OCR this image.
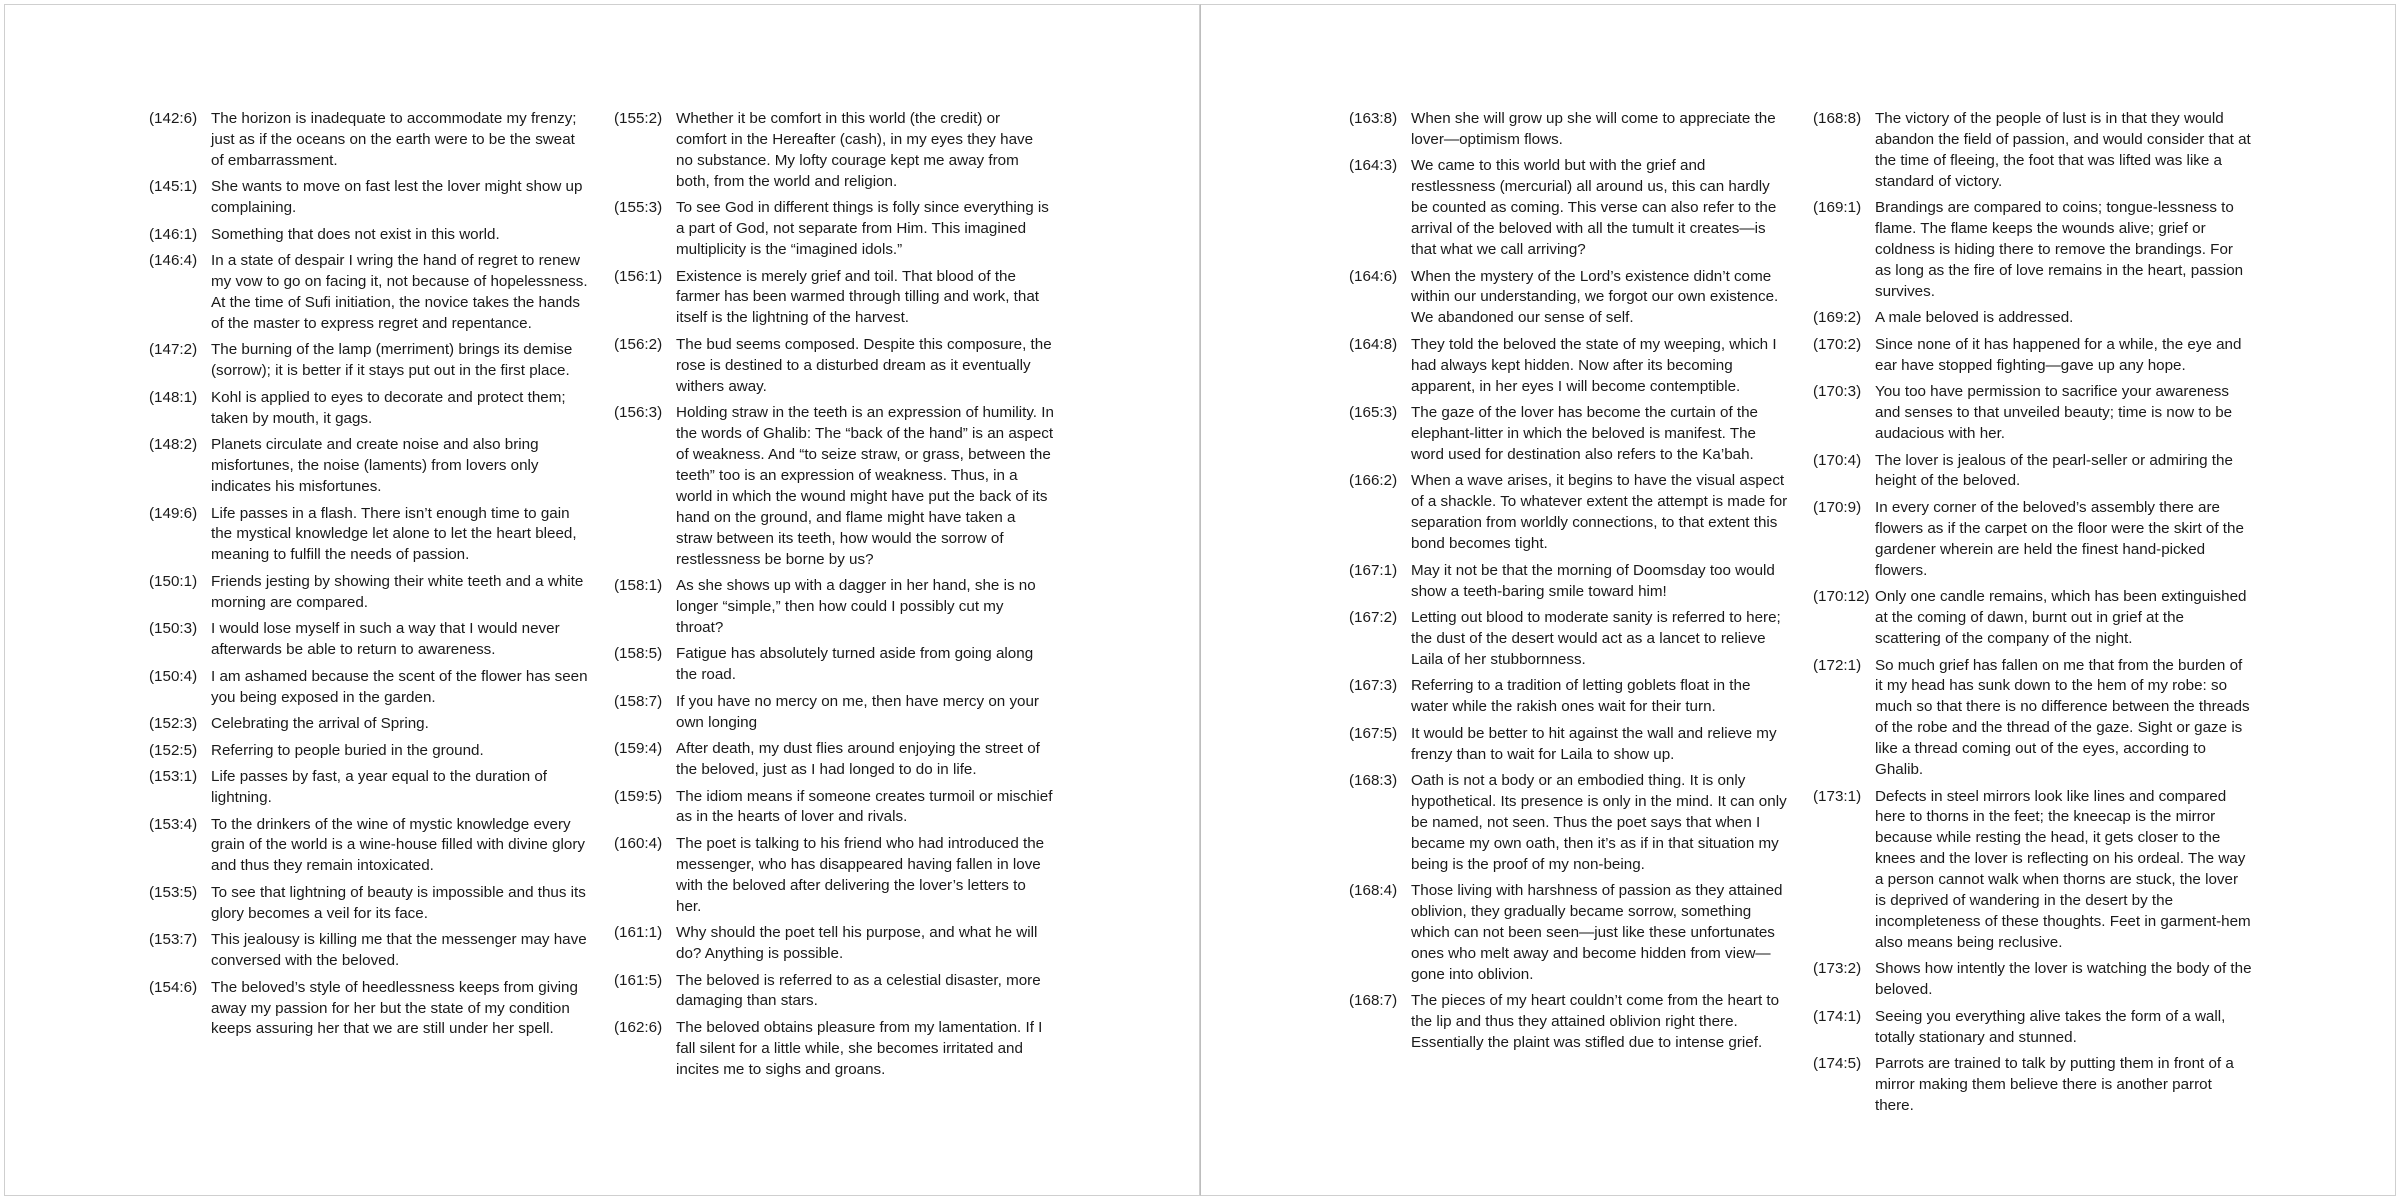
(142:6) The horizon is inadequate to accommodate my frenzy; just as if the oceans on the earth were to be the sweat of embarrassment.
(145:1) She wants to move on fast lest the lover might show up complaining.
(146:1) Something that does not exist in this world.
(146:4) In a state of despair I wring the hand of regret to renew my vow to go on facing it, not because of hopelessness. At the time of Sufi initiation, the novice takes the hands of the master to express regret and repentance.
(147:2) The burning of the lamp (merriment) brings its demise (sorrow); it is better if it stays put out in the first place.
(148:1) Kohl is applied to eyes to decorate and protect them; taken by mouth, it gags.
(148:2) Planets circulate and create noise and also bring misfortunes, the noise (laments) from lovers only indicates his misfortunes.
(149:6) Life passes in a flash. There isn’t enough time to gain the mystical knowledge let alone to let the heart bleed, meaning to fulfill the needs of passion.
(150:1) Friends jesting by showing their white teeth and a white morning are compared.
(150:3) I would lose myself in such a way that I would never afterwards be able to return to awareness.
(150:4) I am ashamed because the scent of the flower has seen you being exposed in the garden.
(152:3) Celebrating the arrival of Spring.
(152:5) Referring to people buried in the ground.
(153:1) Life passes by fast, a year equal to the duration of lightning.
(153:4) To the drinkers of the wine of mystic knowledge every grain of the world is a wine-house filled with divine glory and thus they remain intoxicated.
(153:5) To see that lightning of beauty is impossible and thus its glory becomes a veil for its face.
(153:7) This jealousy is killing me that the messenger may have conversed with the beloved.
(154:6) The beloved’s style of heedlessness keeps from giving away my passion for her but the state of my condition keeps assuring her that we are still under her spell.
(155:2) Whether it be comfort in this world (the credit) or comfort in the Hereafter (cash), in my eyes they have no substance. My lofty courage kept me away from both, from the world and religion.
(155:3) To see God in different things is folly since everything is a part of God, not separate from Him. This imagined multiplicity is the “imagined idols.”
(156:1) Existence is merely grief and toil. That blood of the farmer has been warmed through tilling and work, that itself is the lightning of the harvest.
(156:2) The bud seems composed. Despite this composure, the rose is destined to a disturbed dream as it eventually withers away.
(156:3) Holding straw in the teeth is an expression of humility. In the words of Ghalib: The “back of the hand” is an aspect of weakness. And “to seize straw, or grass, between the teeth” too is an expression of weakness. Thus, in a world in which the wound might have put the back of its hand on the ground, and flame might have taken a straw between its teeth, how would the sorrow of restlessness be borne by us?
(158:1) As she shows up with a dagger in her hand, she is no longer “simple,” then how could I possibly cut my throat?
(158:5) Fatigue has absolutely turned aside from going along the road.
(158:7) If you have no mercy on me, then have mercy on your own longing
(159:4) After death, my dust flies around enjoying the street of the beloved, just as I had longed to do in life.
(159:5) The idiom means if someone creates turmoil or mischief as in the hearts of lover and rivals.
(160:4) The poet is talking to his friend who had introduced the messenger, who has disappeared having fallen in love with the beloved after delivering the lover’s letters to her.
(161:1) Why should the poet tell his purpose, and what he will do? Anything is possible.
(161:5) The beloved is referred to as a celestial disaster, more damaging than stars.
(162:6) The beloved obtains pleasure from my lamentation. If I fall silent for a little while, she becomes irritated and incites me to sighs and groans.
(163:8) When she will grow up she will come to appreciate the lover—optimism flows.
(164:3) We came to this world but with the grief and restlessness (mercurial) all around us, this can hardly be counted as coming. This verse can also refer to the arrival of the beloved with all the tumult it creates—is that what we call arriving?
(164:6) When the mystery of the Lord’s existence didn’t come within our understanding, we forgot our own existence. We abandoned our sense of self.
(164:8) They told the beloved the state of my weeping, which I had always kept hidden. Now after its becoming apparent, in her eyes I will become contemptible.
(165:3) The gaze of the lover has become the curtain of the elephant-litter in which the beloved is manifest. The word used for destination also refers to the Ka’bah.
(166:2) When a wave arises, it begins to have the visual aspect of a shackle. To whatever extent the attempt is made for separation from worldly connections, to that extent this bond becomes tight.
(167:1) May it not be that the morning of Doomsday too would show a teeth-baring smile toward him!
(167:2) Letting out blood to moderate sanity is referred to here; the dust of the desert would act as a lancet to relieve Laila of her stubbornness.
(167:3) Referring to a tradition of letting goblets float in the water while the rakish ones wait for their turn.
(167:5) It would be better to hit against the wall and relieve my frenzy than to wait for Laila to show up.
(168:3) Oath is not a body or an embodied thing. It is only hypothetical. Its presence is only in the mind. It can only be named, not seen. Thus the poet says that when I became my own oath, then it’s as if in that situation my being is the proof of my non-being.
(168:4) Those living with harshness of passion as they attained oblivion, they gradually became sorrow, something which can not been seen—just like these unfortunates ones who melt away and become hidden from view—gone into oblivion.
(168:7) The pieces of my heart couldn’t come from the heart to the lip and thus they attained oblivion right there. Essentially the plaint was stifled due to intense grief.
(168:8) The victory of the people of lust is in that they would abandon the field of passion, and would consider that at the time of fleeing, the foot that was lifted was like a standard of victory.
(169:1) Brandings are compared to coins; tongue-lessness to flame. The flame keeps the wounds alive; grief or coldness is hiding there to remove the brandings. For as long as the fire of love remains in the heart, passion survives.
(169:2) A male beloved is addressed.
(170:2) Since none of it has happened for a while, the eye and ear have stopped fighting—gave up any hope.
(170:3) You too have permission to sacrifice your awareness and senses to that unveiled beauty; time is now to be audacious with her.
(170:4) The lover is jealous of the pearl-seller or admiring the height of the beloved.
(170:9) In every corner of the beloved’s assembly there are flowers as if the carpet on the floor were the skirt of the gardener wherein are held the finest hand-picked flowers.
(170:12) Only one candle remains, which has been extinguished at the coming of dawn, burnt out in grief at the scattering of the company of the night.
(172:1) So much grief has fallen on me that from the burden of it my head has sunk down to the hem of my robe: so much so that there is no difference between the threads of the robe and the thread of the gaze. Sight or gaze is like a thread coming out of the eyes, according to Ghalib.
(173:1) Defects in steel mirrors look like lines and compared here to thorns in the feet; the kneecap is the mirror because while resting the head, it gets closer to the knees and the lover is reflecting on his ordeal. The way a person cannot walk when thorns are stuck, the lover is deprived of wandering in the desert by the incompleteness of these thoughts. Feet in garment-hem also means being reclusive.
(173:2) Shows how intently the lover is watching the body of the beloved.
(174:1) Seeing you everything alive takes the form of a wall, totally stationary and stunned.
(174:5) Parrots are trained to talk by putting them in front of a mirror making them believe there is another parrot there.
